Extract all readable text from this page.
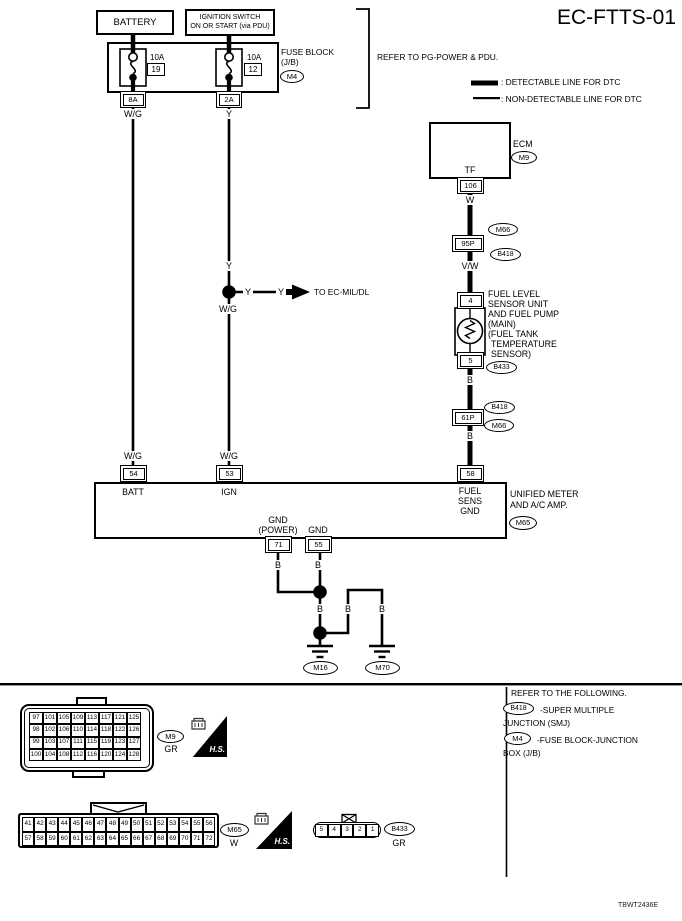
BATTERY	IGNITION SWITCH
ON OR START (via PDU)	EC-FTTS-01
: DETECTABLE LINE FOR DTC
: NON-DETECTABLE LINE FOR DTC
REFER TO PG-POWER & PDU.
FUSE BLOCK
(J/B)
M4
10A
19
10A
12
8A	2A
W/G	Y
Y
W/G
Y	Y	TO EC-MIL/DL
W/G	W/G
W
V/W
B
B
B	B
B B	B
TF
106
ECM
M9
95P
M66
B418
4
FUEL LEVEL
SENSOR UNIT
AND FUEL PUMP
(MAIN)
(FUEL TANK
TEMPERATURE
SENSOR)
5
B433
B418
61P
M66
54	53	58
BATT	IGN	FUEL
SENS
GND
UNIFIED METER
AND A/C AMP.
M65
GND
(POWER) GND
71	55
M16	M70
97 101 105 109 113 117 121 125
98 102 106 110 114 118 122 126
99 103 107 111 115 119 123 127
100 104 108 112 116 120 124 128
M9
GR	H.S.
41 42 43 44 45 46 47 48 49 50 51 52 53 54 55 56
57 58 59 60 61 62 63 64 65 66 67 68 69 70 71 72
M65
W	H.S.
5	4	3	2	1	B433
GR
REFER TO THE FOLLOWING.
B418	-SUPER MULTIPLE
JUNCTION (SMJ)
M4	-FUSE BLOCK-JUNCTION
BOX (J/B)
TBWT2436E
